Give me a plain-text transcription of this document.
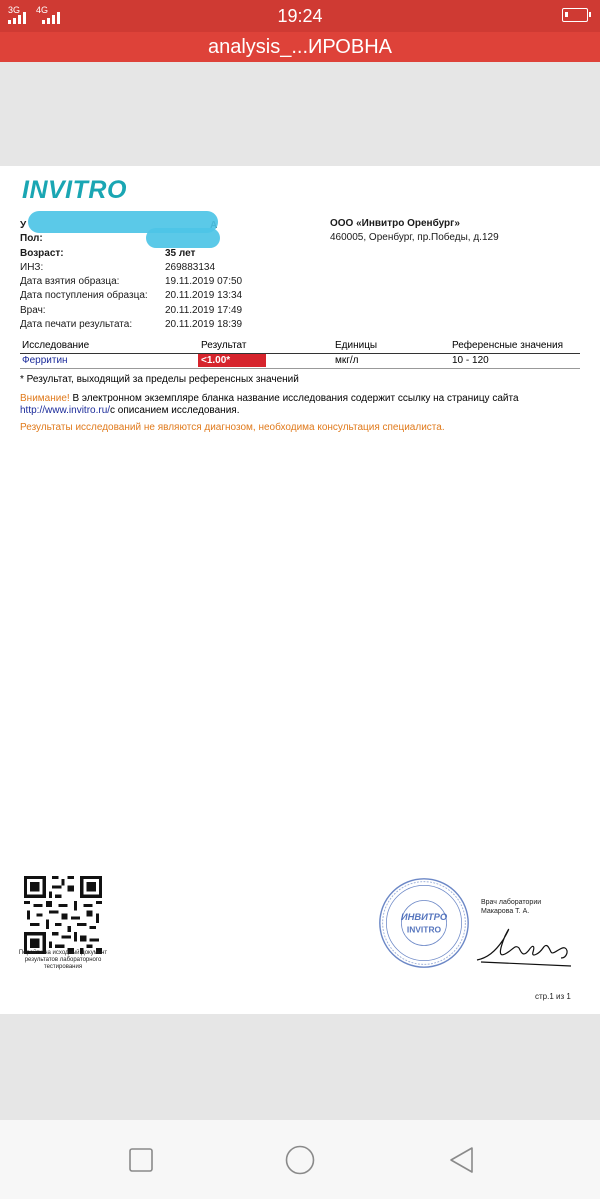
3G 4G	19:24
analysis_...ИРОВНА
INVITRO
У
Пол:
Возраст:	35 лет
ИНЗ:	269883134
Дата взятия образца:	19.11.2019 07:50
Дата поступления образца: 20.11.2019 13:34
Врач:	20.11.2019 17:49
Дата печати результата:	20.11.2019 18:39
ООО «Инвитро Оренбург»
460005, Оренбург, пр.Победы, д.129
Исследование	Результат	Единицы	Референсные значения
Ферритин	<1.00*	мкг/л	10 - 120
* Результат, выходящий за пределы референсных значений
Внимание! В электронном экземпляре бланка название исследования содержит ссылку на страницу сайта
http://www.invitro.ru/с описанием исследования.
Результаты исследований не являются диагнозом, необходима консультация специалиста.
Перейти на исходный документ результатов лабораторного тестирования
ИНВИТРО
INVITRO
Врач лаборатории
Макарова Т. А.
стр.1 из 1
